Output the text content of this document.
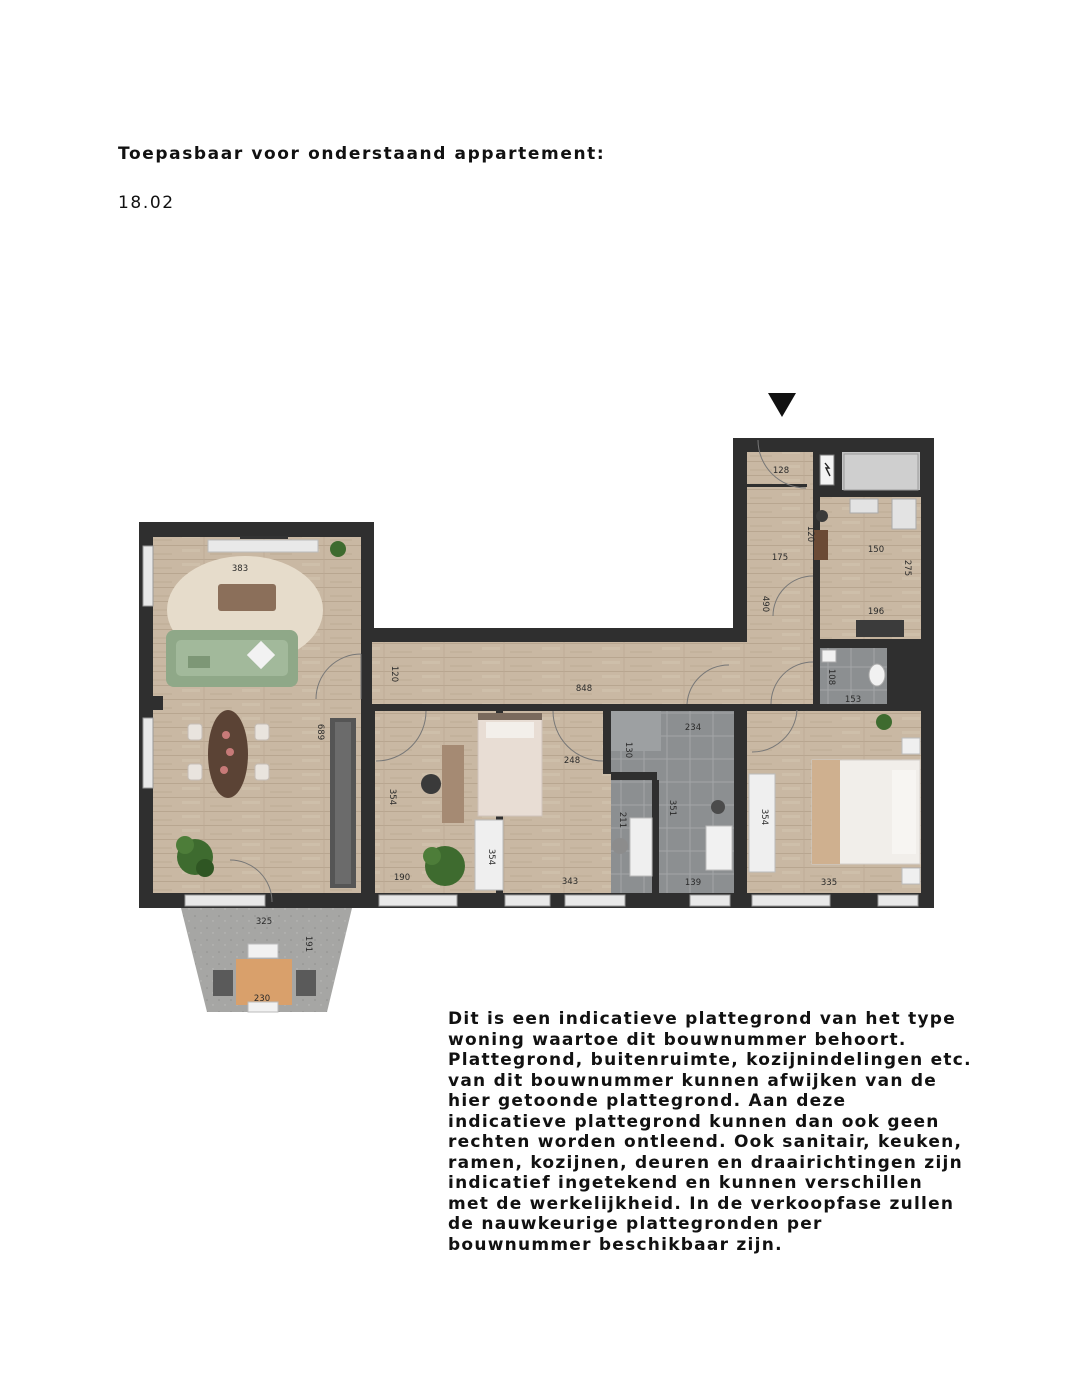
Toepasbaar voor onderstaand appartement:
18.02
383
689
848
120
175
490
128
120
150
275
196
153
108
190
354
343
248
211
354
234
351
139
130
335
354
325
191
230
Dit is een indicatieve plattegrond van het type
woning waartoe dit bouwnummer behoort.
Plattegrond, buitenruimte, kozijnindelingen etc.
van dit bouwnummer kunnen afwijken van de
hier getoonde plattegrond. Aan deze
indicatieve plattegrond kunnen dan ook geen
rechten worden ontleend. Ook sanitair, keuken,
ramen, kozijnen, deuren en draairichtingen zijn
indicatief ingetekend en kunnen verschillen
met de werkelijkheid. In de verkoopfase zullen
de nauwkeurige plattegronden per
bouwnummer beschikbaar zijn.
